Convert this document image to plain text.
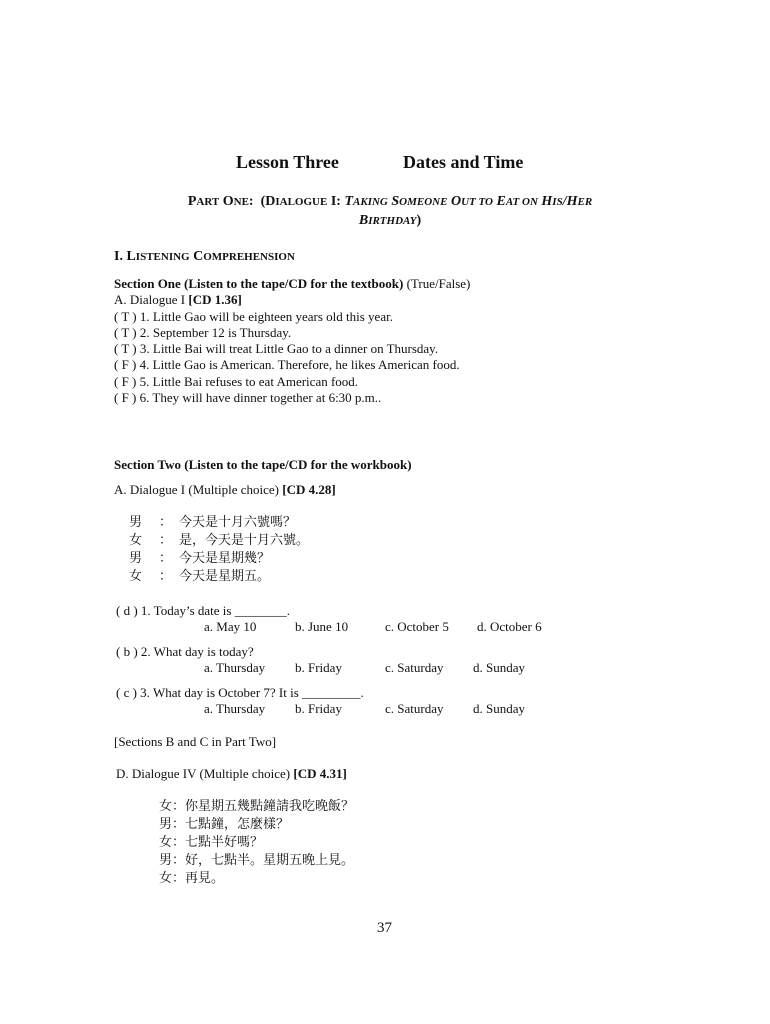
Lesson Three	Dates and Time
PART ONE: (DIALOGUE I: TAKING SOMEONE OUT TO EAT ON HIS/HER
BIRTHDAY)
I. LISTENING COMPREHENSION
Section One (Listen to the tape/CD for the textbook) (True/False)
A. Dialogue I [CD 1.36]
( T ) 1. Little Gao will be eighteen years old this year.
( T ) 2. September 12 is Thursday.
( T ) 3. Little Bai will treat Little Gao to a dinner on Thursday.
( F ) 4. Little Gao is American. Therefore, he likes American food.
( F ) 5. Little Bai refuses to eat American food.
( F ) 6. They will have dinner together at 6:30 p.m..
Section Two (Listen to the tape/CD for the workbook)
A. Dialogue I (Multiple choice) [CD 4.28]
男	： 今天是十月六號嗎？
女	： 是，今天是十月六號。
男	： 今天是星期幾？
女	： 今天是星期五。
( d ) 1. Today’s date is ________.
a. May 10	b. June 10	c. October 5 d. October 6
( b ) 2. What day is today?
a. Thursday b. Friday	c. Saturday d. Sunday
( c ) 3. What day is October 7? It is _________.
a. Thursday b. Friday	c. Saturday d. Sunday
[Sections B and C in Part Two]
D. Dialogue IV (Multiple choice) [CD 4.31]
女：你星期五幾點鐘請我吃晚飯？
男：七點鐘，怎麼樣？
女：七點半好嗎？
男：好，七點半。星期五晚上見。
女：再見。
37
